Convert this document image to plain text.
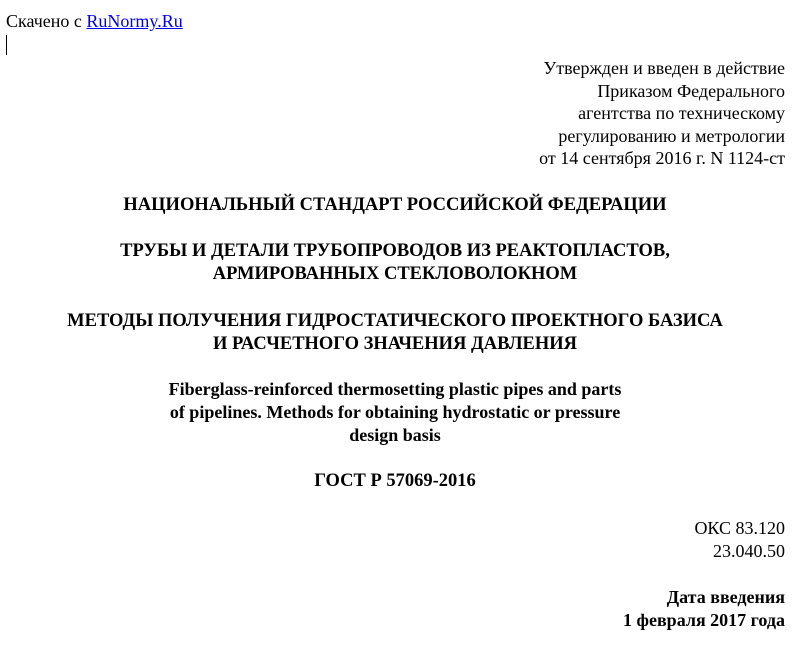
Скачено с RuNormy.Ru
Утвержден и введен в действие
Приказом Федерального
агентства по техническому
регулированию и метрологии
от 14 сентября 2016 г. N 1124-ст
НАЦИОНАЛЬНЫЙ СТАНДАРТ РОССИЙСКОЙ ФЕДЕРАЦИИ
ТРУБЫ И ДЕТАЛИ ТРУБОПРОВОДОВ ИЗ РЕАКТОПЛАСТОВ,
АРМИРОВАННЫХ СТЕКЛОВОЛОКНОМ
МЕТОДЫ ПОЛУЧЕНИЯ ГИДРОСТАТИЧЕСКОГО ПРОЕКТНОГО БАЗИСА
И РАСЧЕТНОГО ЗНАЧЕНИЯ ДАВЛЕНИЯ
Fiberglass-reinforced thermosetting plastic pipes and parts
of pipelines. Methods for obtaining hydrostatic or pressure
design basis
ГОСТ Р 57069-2016
ОКС 83.120
23.040.50
Дата введения
1 февраля 2017 года
